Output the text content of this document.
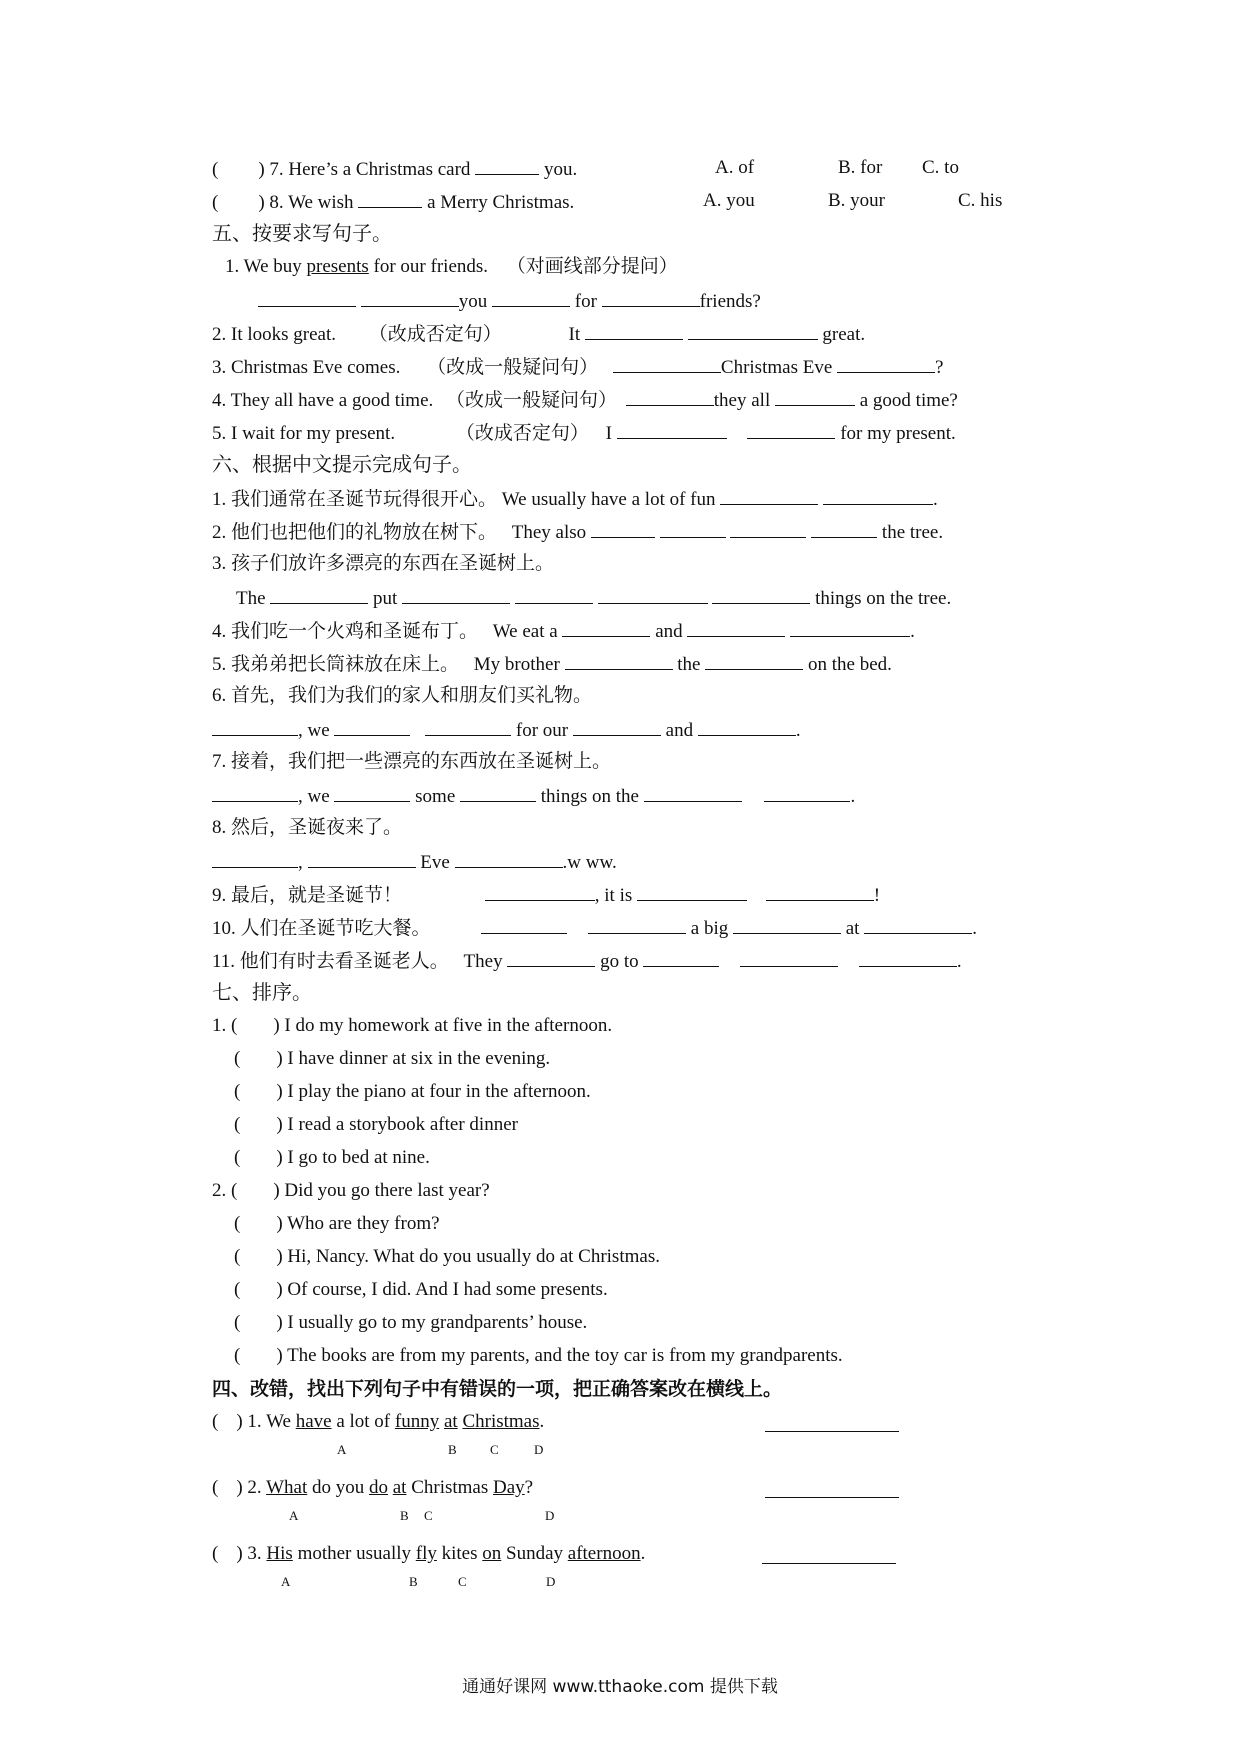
( ) 7. Here’s a Christmas card	you.	A. of	B. for C. to
( ) 8. We wish	a Merry Christmas.	A. you	B. your	C. his
五、按要求写句子。
1. We buy presents for our friends. （对画线部分提问）
you	for	friends?
2. It looks great. （改成否定句）	It	great.
3. Christmas Eve comes. （改成一般疑问句）	Christmas Eve	?
4. They all have a good time. （改成一般疑问句）	they all	a good time?
5. I wait for my present.	（改成否定句） I	for my present.
六、根据中文提示完成句子。
1. 我们通常在圣诞节玩得很开心。 We usually have a lot of fun	.
2. 他们也把他们的礼物放在树下。 They also	the tree.
3. 孩子们放许多漂亮的东西在圣诞树上。
The	put	things on the tree.
4. 我们吃一个火鸡和圣诞布丁。 We eat a	and	.
5. 我弟弟把长筒袜放在床上。 My brother	the	on the bed.
6. 首先，我们为我们的家人和朋友们买礼物。
, we	for our	and	.
7. 接着，我们把一些漂亮的东西放在圣诞树上。
, we	some	things on the	.
8. 然后，圣诞夜来了。
,	Eve	.w ww.
9. 最后，就是圣诞节！	, it is	!
10. 人们在圣诞节吃大餐。	a big	at	.
11. 他们有时去看圣诞老人。 They	go to	.
七、排序。
1. ( ) I do my homework at five in the afternoon.
( ) I have dinner at six in the evening.
( ) I play the piano at four in the afternoon.
( ) I read a storybook after dinner
( ) I go to bed at nine.
2. ( ) Did you go there last year?
( ) Who are they from?
( ) Hi, Nancy. What do you usually do at Christmas.
( ) Of course, I did. And I had some presents.
( ) I usually go to my grandparents’ house.
( ) The books are from my parents, and the toy car is from my grandparents.
四、改错，找出下列句子中有错误的一项，把正确答案改在横线上。
( ) 1. We have a lot of funny at Christmas.
A	B	C	D
( ) 2. What do you do at Christmas Day?
A	B C	D
( ) 3. His mother usually fly kites on Sunday afternoon.
A	B	C	D
通通好课网 www.tthaoke.com 提供下载
